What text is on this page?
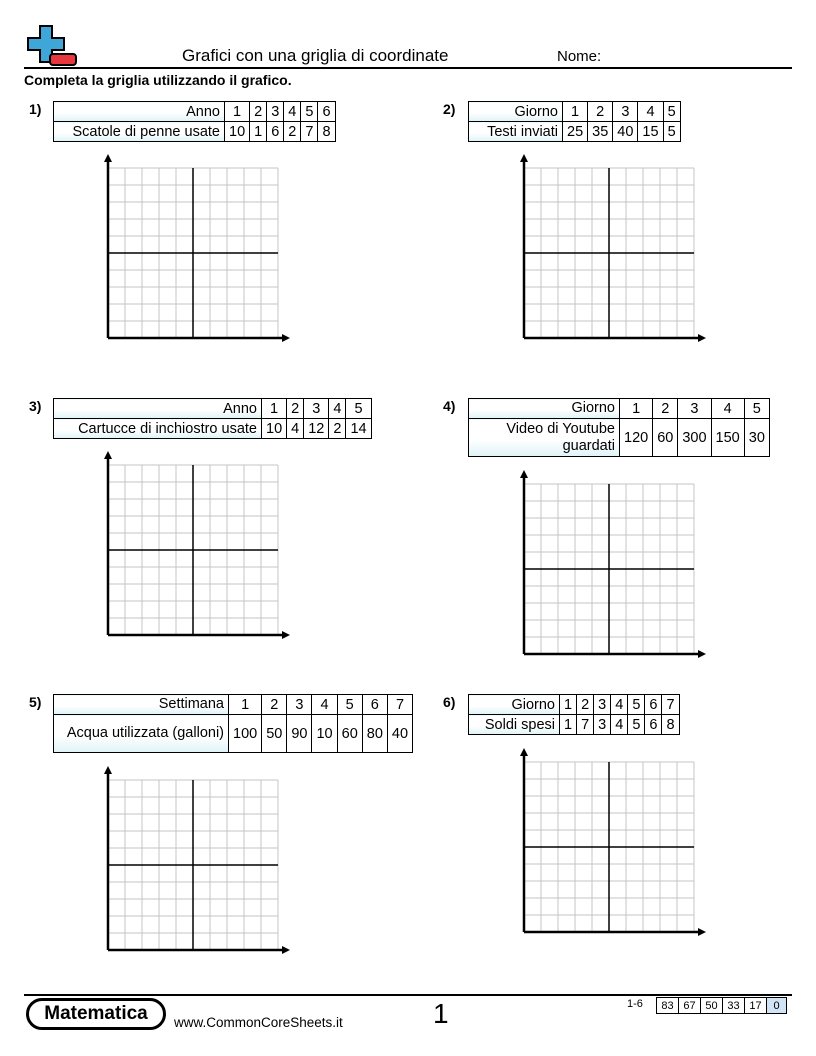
Grafici con una griglia di coordinate	Nome:
Completa la griglia utilizzando il grafico.
1)	Anno	1	2	3	4	5	6
Scatole di penne usate	10	1	6	2	7	8
2)	Giorno	1	2	3	4	5
Testi inviati	25	35	40	15	5
3)	Anno	1	2	3	4	5
Cartucce di inchiostro usate	10	4	12	2	14
4)	Giorno	1	2	3	4	5
Video di Youtube guardati	120	60	300	150	30
5)	Settimana	1	2	3	4	5	6	7
Acqua utilizzata (galloni)	100	50	90	10	60	80	40
6)	Giorno	1	2	3	4	5	6	7
Soldi spesi	1	7	3	4	5	6	8
Matematica	www.CommonCoreSheets.it	1	1-6 83	67	50	33	17	0
